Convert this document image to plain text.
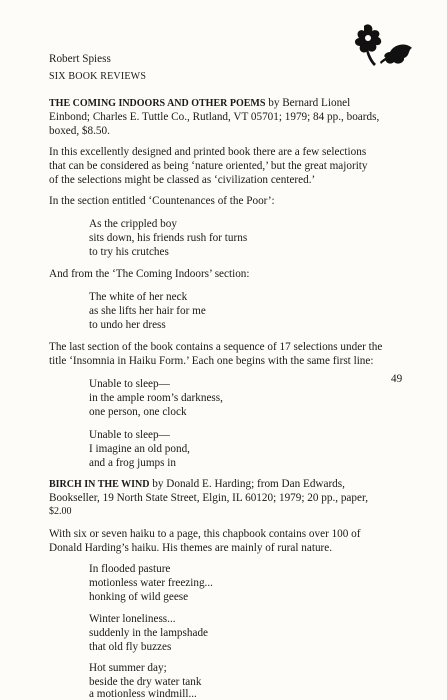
Robert Spiess
SIX BOOK REVIEWS
THE COMING INDOORS AND OTHER POEMS by Bernard Lionel
Einbond; Charles E. Tuttle Co., Rutland, VT 05701; 1979; 84 pp., boards,
boxed, $8.50.
In this excellently designed and printed book there are a few selections
that can be considered as being ‘nature oriented,’ but the great majority
of the selections might be classed as ‘civilization centered.’
In the section entitled ‘Countenances of the Poor’:
As the crippled boy
sits down, his friends rush for turns
to try his crutches
And from the ‘The Coming Indoors’ section:
The white of her neck
as she lifts her hair for me
to undo her dress
The last section of the book contains a sequence of 17 selections under the
title ‘Insomnia in Haiku Form.’ Each one begins with the same first line:
49
Unable to sleep—
in the ample room’s darkness,
one person, one clock
Unable to sleep—
I imagine an old pond,
and a frog jumps in
BIRCH IN THE WIND by Donald E. Harding; from Dan Edwards,
Bookseller, 19 North State Street, Elgin, IL 60120; 1979; 20 pp., paper,
$2.00
With six or seven haiku to a page, this chapbook contains over 100 of
Donald Harding’s haiku. His themes are mainly of rural nature.
In flooded pasture
motionless water freezing...
honking of wild geese
Winter loneliness...
suddenly in the lampshade
that old fly buzzes
Hot summer day;
beside the dry water tank
a motionless windmill...
